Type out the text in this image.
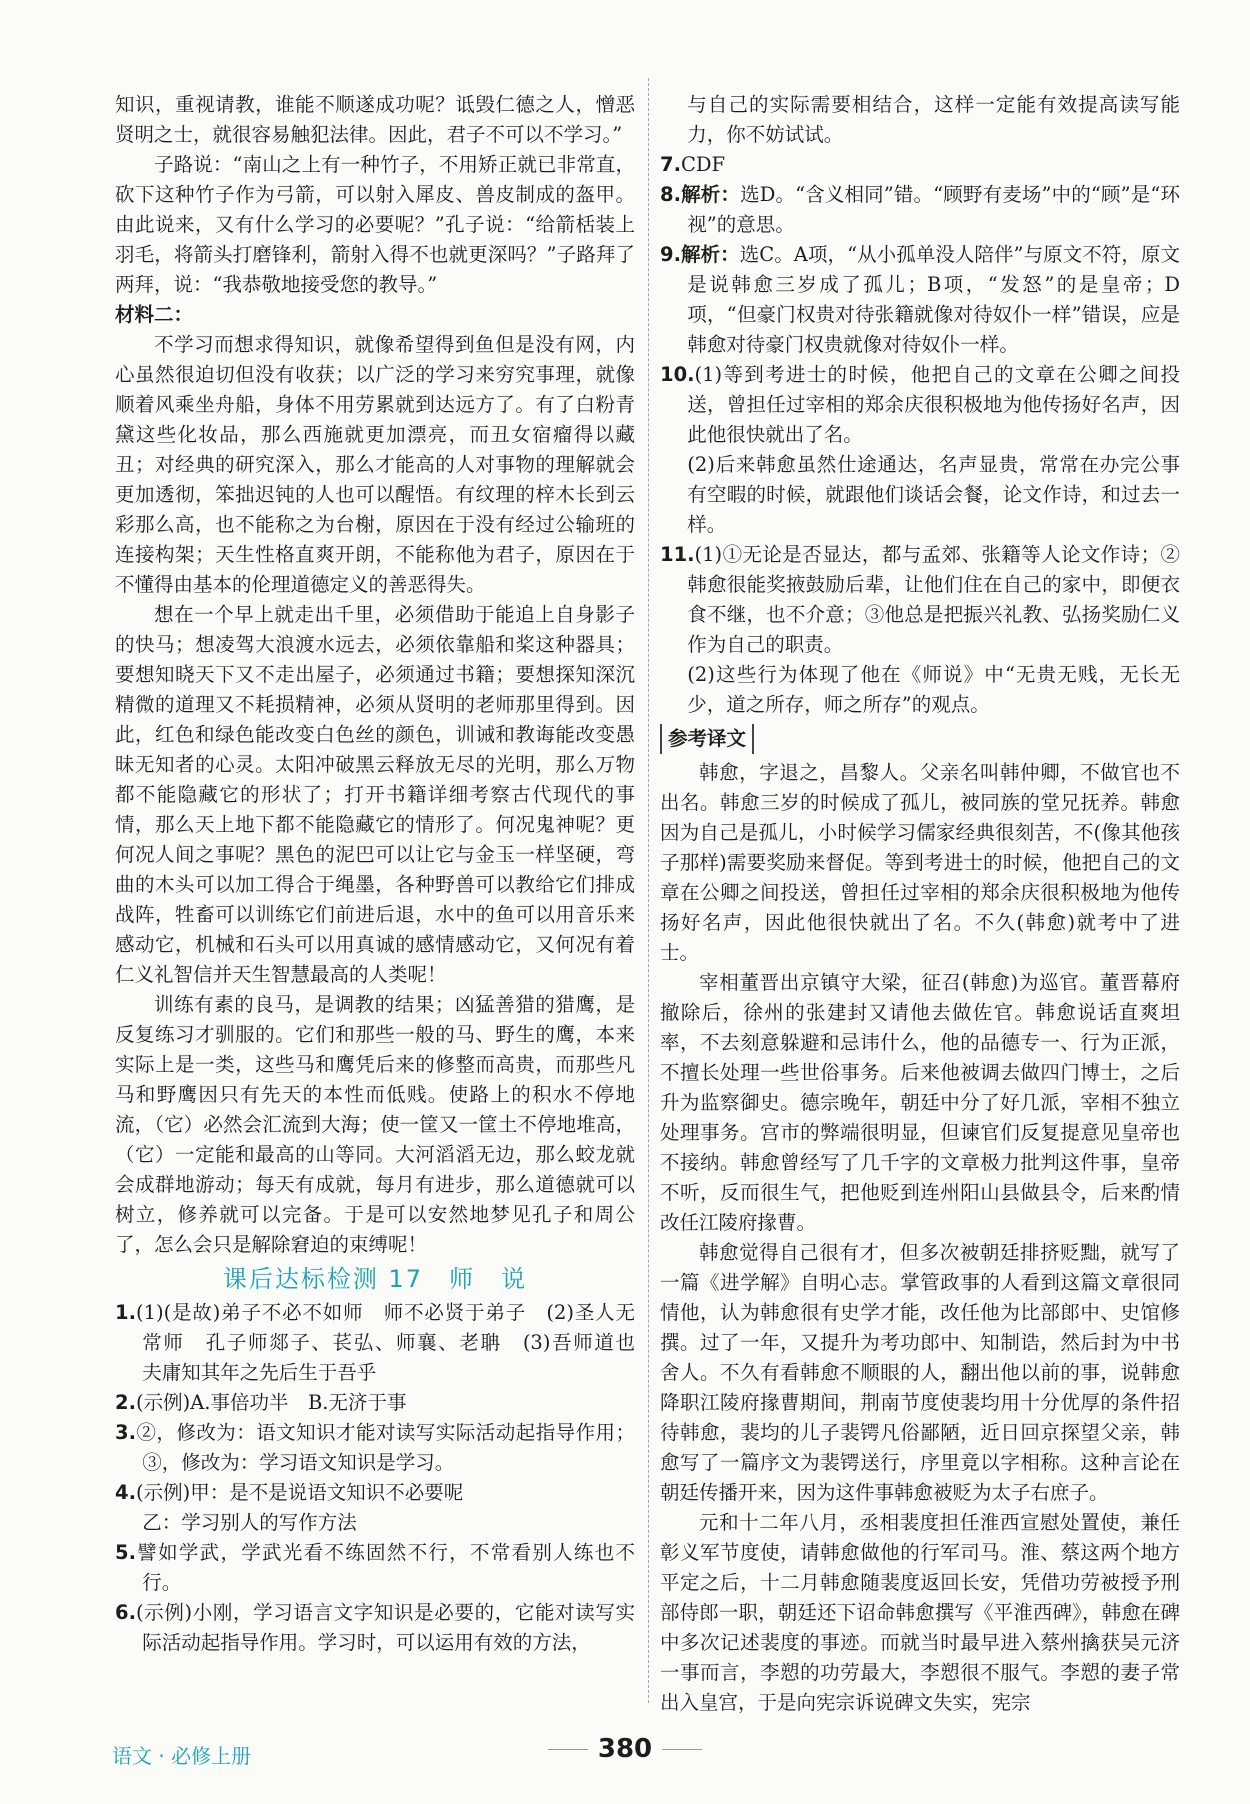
知识，重视请教，谁能不顺遂成功呢？诋毁仁德之人，憎恶贤明之士，就很容易触犯法律。因此，君子不可以不学习。”

子路说：“南山之上有一种竹子，不用矫正就已非常直，砍下这种竹子作为弓箭，可以射入犀皮、兽皮制成的盔甲。由此说来，又有什么学习的必要呢？”孔子说：“给箭栝装上羽毛，将箭头打磨锋利，箭射入得不也就更深吗？”子路拜了两拜，说：“我恭敬地接受您的教导。”

材料二：

不学习而想求得知识，就像希望得到鱼但是没有网，内心虽然很迫切但没有收获；以广泛的学习来穷究事理，就像顺着风乘坐舟船，身体不用劳累就到达远方了。有了白粉青黛这些化妆品，那么西施就更加漂亮，而丑女宿瘤得以藏丑；对经典的研究深入，那么才能高的人对事物的理解就会更加透彻，笨拙迟钝的人也可以醒悟。有纹理的梓木长到云彩那么高，也不能称之为台榭，原因在于没有经过公输班的连接构架；天生性格直爽开朗，不能称他为君子，原因在于不懂得由基本的伦理道德定义的善恶得失。

想在一个早上就走出千里，必须借助于能追上自身影子的快马；想凌驾大浪渡水远去，必须依靠船和桨这种器具；要想知晓天下又不走出屋子，必须通过书籍；要想探知深沉精微的道理又不耗损精神，必须从贤明的老师那里得到。因此，红色和绿色能改变白色丝的颜色，训诫和教诲能改变愚昧无知者的心灵。太阳冲破黑云释放无尽的光明，那么万物都不能隐藏它的形状了；打开书籍详细考察古代现代的事情，那么天上地下都不能隐藏它的情形了。何况鬼神呢？更何况人间之事呢？黑色的泥巴可以让它与金玉一样坚硬，弯曲的木头可以加工得合于绳墨，各种野兽可以教给它们排成战阵，牲畜可以训练它们前进后退，水中的鱼可以用音乐来感动它，机械和石头可以用真诚的感情感动它，又何况有着仁义礼智信并天生智慧最高的人类呢！

训练有素的良马，是调教的结果；凶猛善猎的猎鹰，是反复练习才驯服的。它们和那些一般的马、野生的鹰，本来实际上是一类，这些马和鹰凭后来的修整而高贵，而那些凡马和野鹰因只有先天的本性而低贱。使路上的积水不停地流，（它）必然会汇流到大海；使一筐又一筐土不停地堆高，（它）一定能和最高的山等同。大河滔滔无边，那么蛟龙就会成群地游动；每天有成就，每月有进步，那么道德就可以树立，修养就可以完备。于是可以安然地梦见孔子和周公了，怎么会只是解除窘迫的束缚呢！

课后达标检测 17　师　说

1.(1)(是故)弟子不必不如师　师不必贤于弟子　(2)圣人无常师　孔子师郯子、苌弘、师襄、老聃　(3)吾师道也　夫庸知其年之先后生于吾乎

2.(示例)A.事倍功半　B.无济于事

3.②，修改为：语文知识才能对读写实际活动起指导作用；③，修改为：学习语文知识是学习。

4.(示例)甲：是不是说语文知识不必要呢

乙：学习别人的写作方法

5.譬如学武，学武光看不练固然不行，不常看别人练也不行。

6.(示例)小刚，学习语言文字知识是必要的，它能对读写实际活动起指导作用。学习时，可以运用有效的方法，

与自己的实际需要相结合，这样一定能有效提高读写能力，你不妨试试。

7.CDF

8.解析：选D。“含义相同”错。“顾野有麦场”中的“顾”是“环视”的意思。

9.解析：选C。A项，“从小孤单没人陪伴”与原文不符，原文是说韩愈三岁成了孤儿；B项，“发怒”的是皇帝；D项，“但豪门权贵对待张籍就像对待奴仆一样”错误，应是韩愈对待豪门权贵就像对待奴仆一样。

10.(1)等到考进士的时候，他把自己的文章在公卿之间投送，曾担任过宰相的郑余庆很积极地为他传扬好名声，因此他很快就出了名。

(2)后来韩愈虽然仕途通达，名声显贵，常常在办完公事有空暇的时候，就跟他们谈话会餐，论文作诗，和过去一样。

11.(1)①无论是否显达，都与孟郊、张籍等人论文作诗；②韩愈很能奖掖鼓励后辈，让他们住在自己的家中，即便衣食不继，也不介意；③他总是把振兴礼教、弘扬奖励仁义作为自己的职责。

(2)这些行为体现了他在《师说》中“无贵无贱，无长无少，道之所存，师之所存”的观点。

参考译文

韩愈，字退之，昌黎人。父亲名叫韩仲卿，不做官也不出名。韩愈三岁的时候成了孤儿，被同族的堂兄抚养。韩愈因为自己是孤儿，小时候学习儒家经典很刻苦，不(像其他孩子那样)需要奖励来督促。等到考进士的时候，他把自己的文章在公卿之间投送，曾担任过宰相的郑余庆很积极地为他传扬好名声，因此他很快就出了名。不久(韩愈)就考中了进士。

宰相董晋出京镇守大梁，征召(韩愈)为巡官。董晋幕府撤除后，徐州的张建封又请他去做佐官。韩愈说话直爽坦率，不去刻意躲避和忌讳什么，他的品德专一、行为正派，不擅长处理一些世俗事务。后来他被调去做四门博士，之后升为监察御史。德宗晚年，朝廷中分了好几派，宰相不独立处理事务。宫市的弊端很明显，但谏官们反复提意见皇帝也不接纳。韩愈曾经写了几千字的文章极力批判这件事，皇帝不听，反而很生气，把他贬到连州阳山县做县令，后来酌情改任江陵府掾曹。

韩愈觉得自己很有才，但多次被朝廷排挤贬黜，就写了一篇《进学解》自明心志。掌管政事的人看到这篇文章很同情他，认为韩愈很有史学才能，改任他为比部郎中、史馆修撰。过了一年，又提升为考功郎中、知制诰，然后封为中书舍人。不久有看韩愈不顺眼的人，翻出他以前的事，说韩愈降职江陵府掾曹期间，荆南节度使裴均用十分优厚的条件招待韩愈，裴均的儿子裴锷凡俗鄙陋，近日回京探望父亲，韩愈写了一篇序文为裴锷送行，序里竟以字相称。这种言论在朝廷传播开来，因为这件事韩愈被贬为太子右庶子。

元和十二年八月，丞相裴度担任淮西宣慰处置使，兼任彰义军节度使，请韩愈做他的行军司马。淮、蔡这两个地方平定之后，十二月韩愈随裴度返回长安，凭借功劳被授予刑部侍郎一职，朝廷还下诏命韩愈撰写《平淮西碑》，韩愈在碑中多次记述裴度的事迹。而就当时最早进入蔡州擒获吴元济一事而言，李愬的功劳最大，李愬很不服气。李愬的妻子常出入皇宫，于是向宪宗诉说碑文失实，宪宗

语文 · 必修上册	380
